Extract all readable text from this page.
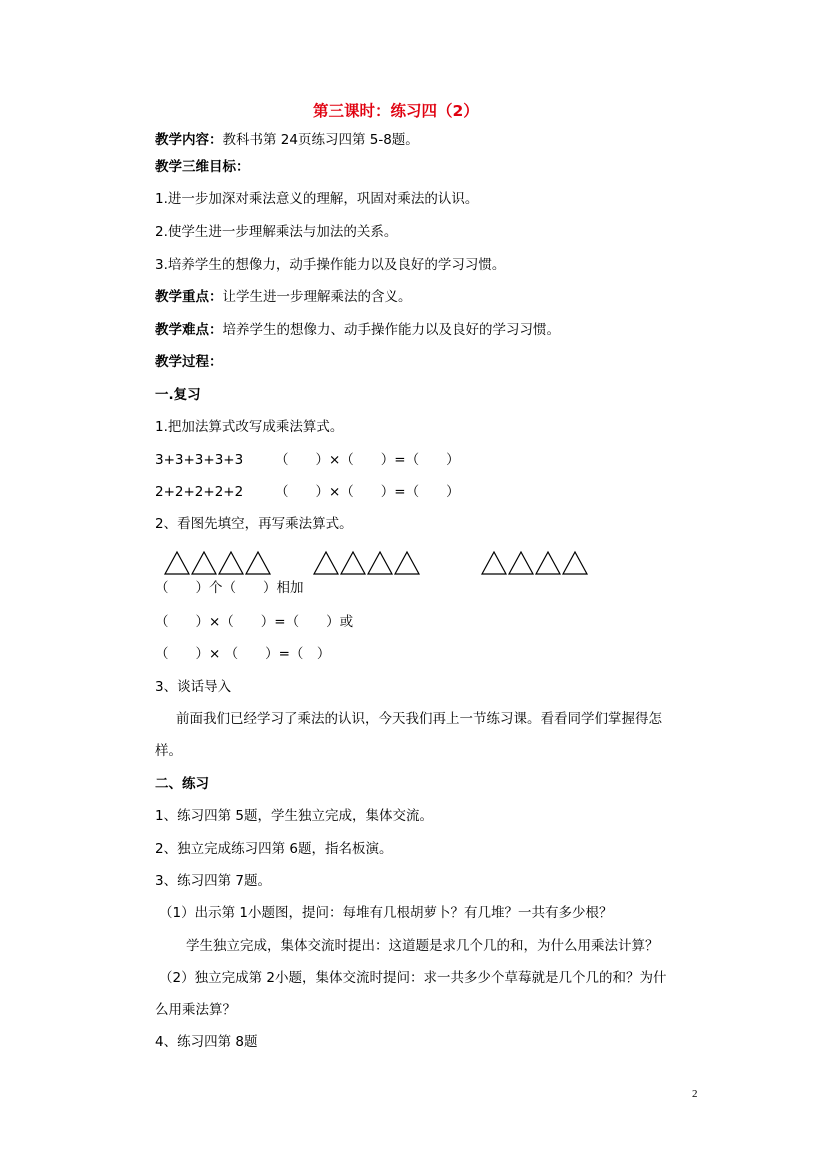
第三课时：练习四（2）
教学内容：教科书第 24页练习四第 5-8题。
教学三维目标：
1.进一步加深对乘法意义的理解，巩固对乘法的认识。
2.使学生进一步理解乘法与加法的关系。
3.培养学生的想像力，动手操作能力以及良好的学习习惯。
教学重点：让学生进一步理解乘法的含义。
教学难点：培养学生的想像力、动手操作能力以及良好的学习习惯。
教学过程：
一.复习
1.把加法算式改写成乘法算式。
3+3+3+3+3 （　　）×（　　）=（　　）
2+2+2+2+2 （　　）×（　　）=（　　）
2、看图先填空，再写乘法算式。
（　　）个（　　）相加
（　　）×（　　）=（　　）或
（　　）× （　　）=（　）
3、谈话导入
前面我们已经学习了乘法的认识，今天我们再上一节练习课。看看同学们掌握得怎
样。
二、练习
1、练习四第 5题，学生独立完成，集体交流。
2、独立完成练习四第 6题，指名板演。
3、练习四第 7题。
（1）出示第 1小题图，提问：每堆有几根胡萝卜？有几堆？一共有多少根？
学生独立完成，集体交流时提出：这道题是求几个几的和，为什么用乘法计算？
（2）独立完成第 2小题，集体交流时提问：求一共多少个草莓就是几个几的和？为什
么用乘法算？
4、练习四第 8题
2
